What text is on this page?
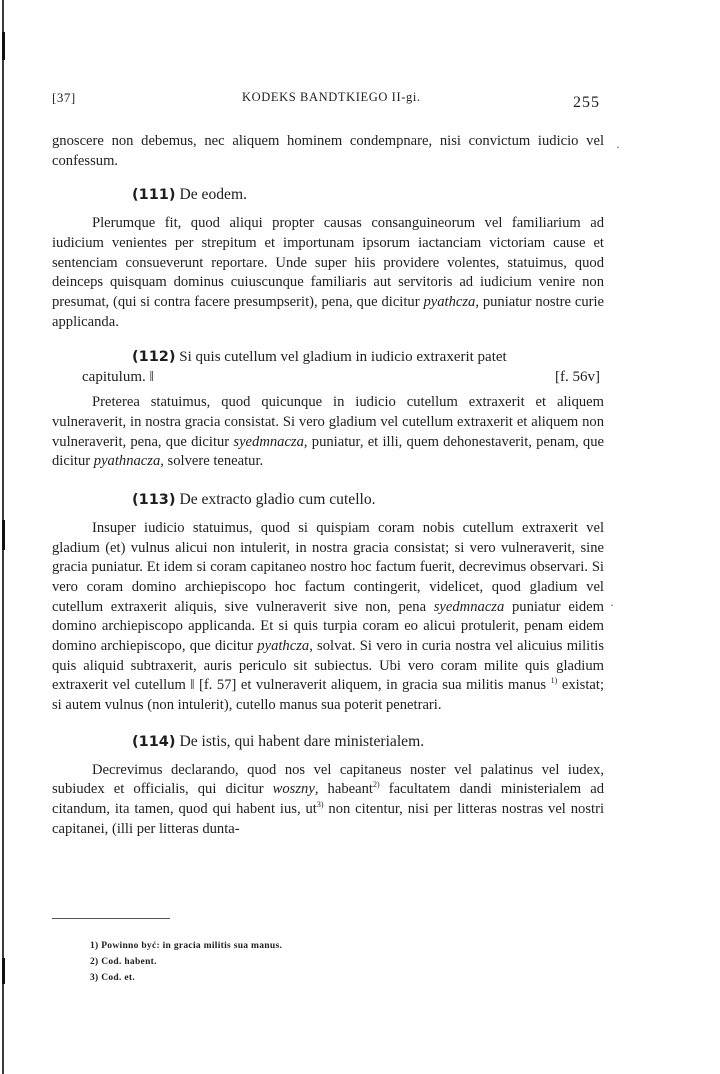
·
·
[37]	KODEKS BANDTKIEGO II-gi.	255

gnoscere non debemus, nec aliquem hominem condempnare, nisi convictum iudicio vel confessum.

(111) De eodem.

Plerumque fit, quod aliqui propter causas consanguineorum vel familiarium ad iudicium venientes per strepitum et importunam ipsorum iactanciam victoriam cause et sentenciam consueverunt reportare. Unde super hiis providere volentes, statuimus, quod deinceps quisquam dominus cuiuscunque familiaris aut servitoris ad iudicium venire non presumat, (qui si contra facere presumpserit), pena, que dicitur pyathcza, puniatur nostre curie applicanda.

(112) Si quis cutellum vel gladium in iudicio extraxerit patet
capitulum. ‖	[f. 56v]

Preterea statuimus, quod quicunque in iudicio cutellum extraxerit et aliquem vulneraverit, in nostra gracia consistat. Si vero gladium vel cutellum extraxerit et aliquem non vulneraverit, pena, que dicitur syedmnacza, puniatur, et illi, quem dehonestaverit, penam, que dicitur pyathnacza, solvere teneatur.

(113) De extracto gladio cum cutello.

Insuper iudicio statuimus, quod si quispiam coram nobis cutellum extraxerit vel gladium (et) vulnus alicui non intulerit, in nostra gracia consistat; si vero vulneraverit, sine gracia puniatur. Et idem si coram capitaneo nostro hoc factum fuerit, decrevimus observari. Si vero coram domino archiepiscopo hoc factum contingerit, videlicet, quod gladium vel cutellum extraxerit aliquis, sive vulneraverit sive non, pena syedmnacza puniatur eidem domino archiepiscopo applicanda. Et si quis turpia coram eo alicui protulerit, penam eidem domino archiepiscopo, que dicitur pyathcza, solvat. Si vero in curia nostra vel alicuius militis quis aliquid subtraxerit, auris periculo sit subiectus. Ubi vero coram milite quis gladium extraxerit vel cutellum ‖ [f. 57] et vulneraverit aliquem, in gracia sua militis manus $^{1)}$ existat; si autem vulnus (non intulerit), cutello manus sua poterit penetrari.

(114) De istis, qui habent dare ministerialem.

Decrevimus declarando, quod nos vel capitaneus noster vel palatinus vel iudex, subiudex et officialis, qui dicitur woszny, habeant$^{2)}$ facultatem dandi ministerialem ad citandum, ita tamen, quod qui habent ius, $ut^{3)}$ non citentur, nisi per litteras nostras vel nostri capitanei, (illi per litteras dunta-

1) Powinno być: in gracia militis sua manus.
2) Cod. habent.
3) Cod. et.
